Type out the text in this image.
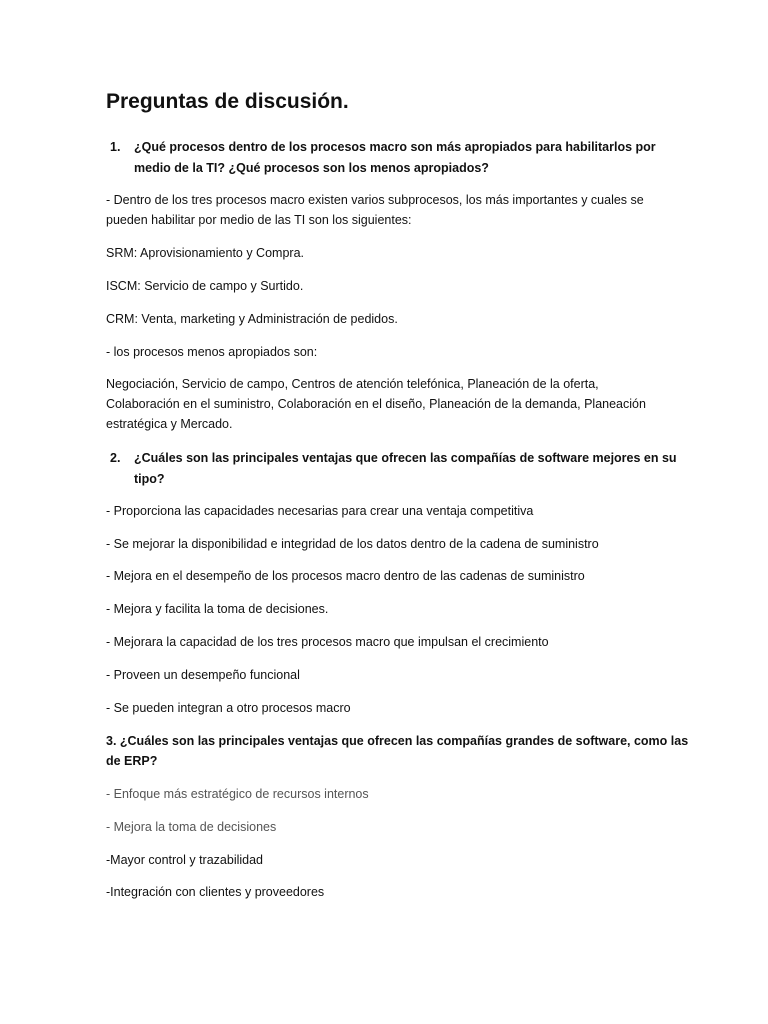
Preguntas de discusión.
1. ¿Qué procesos dentro de los procesos macro son más apropiados para habilitarlos por
medio de la TI? ¿Qué procesos son los menos apropiados?
- Dentro de los tres procesos macro existen varios subprocesos, los más importantes y cuales se
pueden habilitar por medio de las TI son los siguientes:
SRM: Aprovisionamiento y Compra.
ISCM: Servicio de campo y Surtido.
CRM: Venta, marketing y Administración de pedidos.
- los procesos menos apropiados son:
Negociación, Servicio de campo, Centros de atención telefónica, Planeación de la oferta,
Colaboración en el suministro, Colaboración en el diseño, Planeación de la demanda, Planeación
estratégica y Mercado.
2. ¿Cuáles son las principales ventajas que ofrecen las compañías de software mejores en su
tipo?
- Proporciona las capacidades necesarias para crear una ventaja competitiva
- Se mejorar la disponibilidad e integridad de los datos dentro de la cadena de suministro
- Mejora en el desempeño de los procesos macro dentro de las cadenas de suministro
- Mejora y facilita la toma de decisiones.
- Mejorara la capacidad de los tres procesos macro que impulsan el crecimiento
- Proveen un desempeño funcional
- Se pueden integran a otro procesos macro
3. ¿Cuáles son las principales ventajas que ofrecen las compañías grandes de software, como las
de ERP?
- Enfoque más estratégico de recursos internos
- Mejora la toma de decisiones
-Mayor control y trazabilidad
-Integración con clientes y proveedores
